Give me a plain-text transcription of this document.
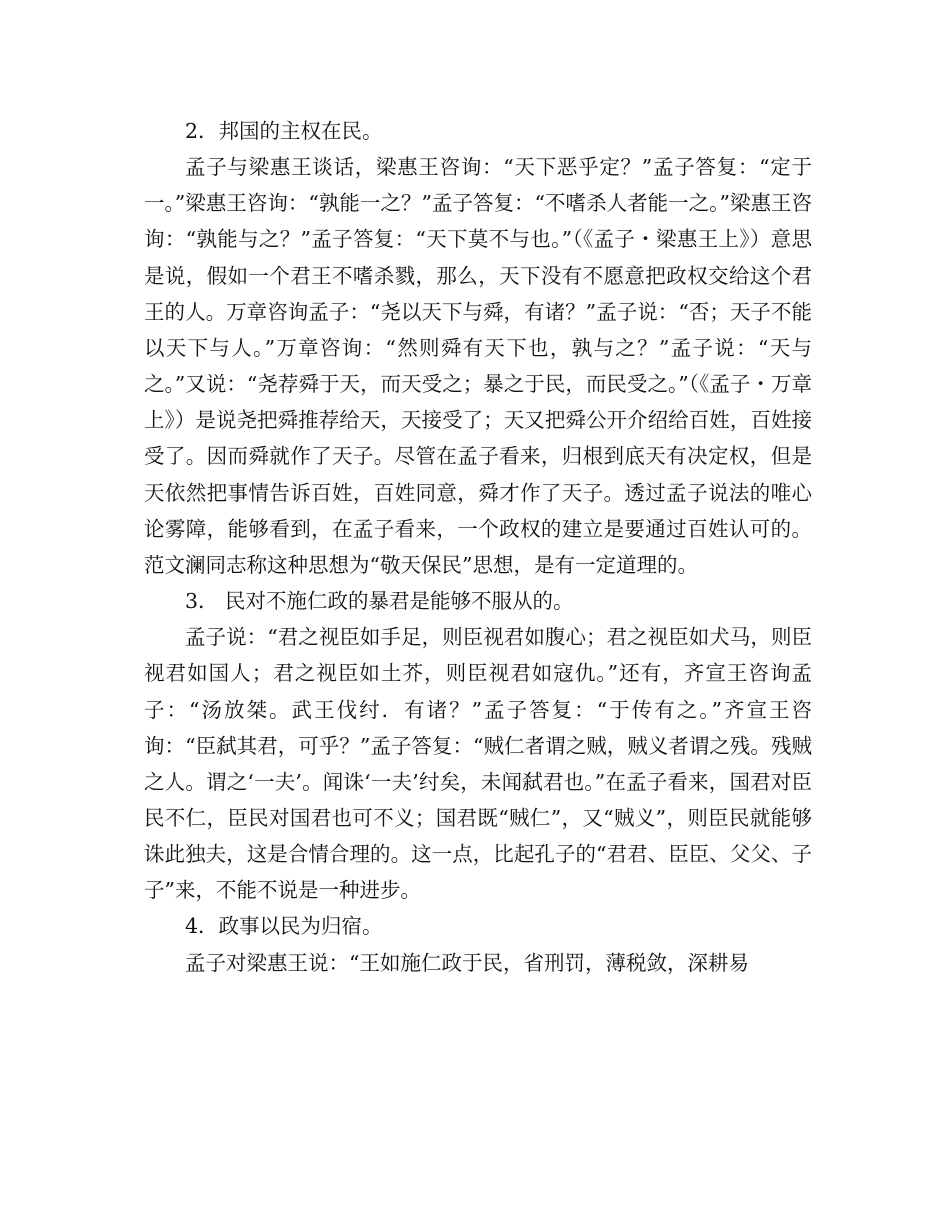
2．邦国的主权在民。

孟子与梁惠王谈话，梁惠王咨询：“天下恶乎定？”孟子答复：“定于一。”梁惠王咨询：“孰能一之？”孟子答复：“不嗜杀人者能一之。”梁惠王咨询：“孰能与之？”孟子答复：“天下莫不与也。”（《孟子・梁惠王上》）意思是说，假如一个君王不嗜杀戮，那么，天下没有不愿意把政权交给这个君王的人。万章咨询孟子：“尧以天下与舜，有诸？”孟子说：“否；天子不能以天下与人。”万章咨询：“然则舜有天下也，孰与之？”孟子说：“天与之。”又说：“尧荐舜于天，而天受之；暴之于民，而民受之。”（《孟子・万章上》）是说尧把舜推荐给天，天接受了；天又把舜公开介绍给百姓，百姓接受了。因而舜就作了天子。尽管在孟子看来，归根到底天有决定权，但是天依然把事情告诉百姓，百姓同意，舜才作了天子。透过孟子说法的唯心论雾障，能够看到，在孟子看来，一个政权的建立是要通过百姓认可的。范文澜同志称这种思想为“敬天保民”思想，是有一定道理的。

3． 民对不施仁政的暴君是能够不服从的。

孟子说：“君之视臣如手足，则臣视君如腹心；君之视臣如犬马，则臣视君如国人；君之视臣如土芥，则臣视君如寇仇。”还有，齐宣王咨询孟子：“汤放桀。武王伐纣．有诸？”孟子答复：“于传有之。”齐宣王咨询：“臣弑其君，可乎？”孟子答复：“贼仁者谓之贼，贼义者谓之残。残贼之人。谓之‘一夫’。闻诛‘一夫’纣矣，未闻弑君也。”在孟子看来，国君对臣民不仁，臣民对国君也可不义；国君既“贼仁”，又“贼义”，则臣民就能够诛此独夫，这是合情合理的。这一点，比起孔子的“君君、臣臣、父父、子子”来，不能不说是一种进步。

4．政事以民为归宿。

孟子对梁惠王说：“王如施仁政于民，省刑罚，薄税敛，深耕易
